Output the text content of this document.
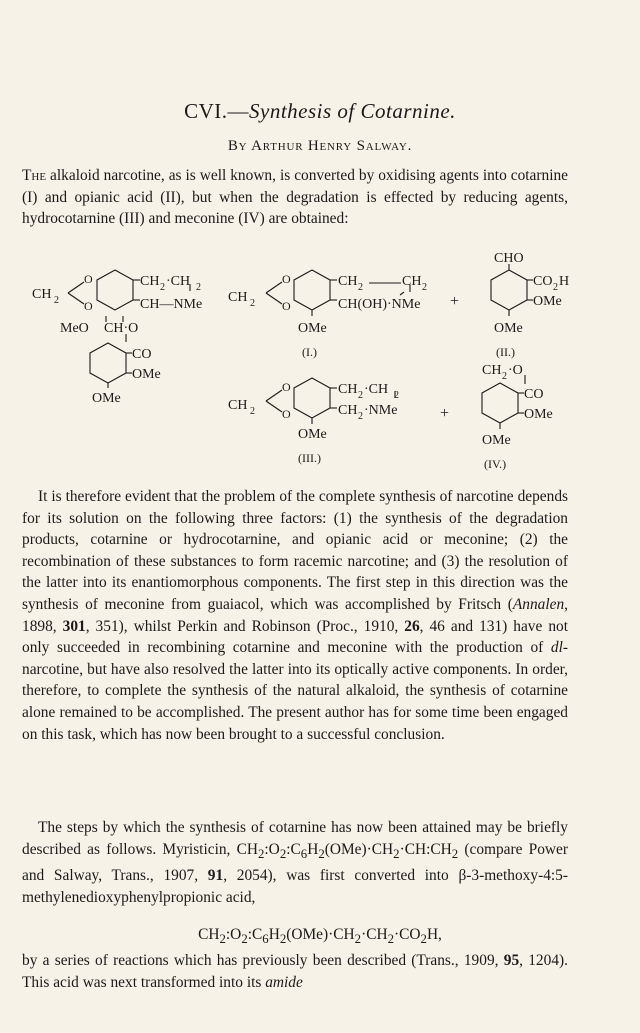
CVI.—Synthesis of Cotarnine.
By Arthur Henry Salway.

The alkaloid narcotine, as is well known, is converted by oxidising agents into cotarnine (I) and opianic acid (II), but when the degradation is effected by reducing agents, hydrocotarnine (III) and meconine (IV) are obtained:

CH 2
O
O
CH 2 ·CH 2
CH—NMe
MeO CH·O
CO
OMe
OMe
CH 2
O
O
CH 2	CH 2
CH(OH)·NMe
OMe
(I.)
+
CHO
CO 2 H
OMe
OMe
(II.)
CH 2
O
O
CH 2 ·CH 2
CH 2 ·NMe
OMe
(III.)
+
CH 2 ·O
CO
OMe
OMe
(IV.)

It is therefore evident that the problem of the complete synthesis of narcotine depends for its solution on the following three factors: (1) the synthesis of the degradation products, cotarnine or hydrocotarnine, and opianic acid or meconine; (2) the recombination of these substances to form racemic narcotine; and (3) the resolution of the latter into its enantiomorphous components. The first step in this direction was the synthesis of meconine from guaiacol, which was accomplished by Fritsch (Annalen, 1898, 301, 351), whilst Perkin and Robinson (Proc., 1910, 26, 46 and 131) have not only succeeded in recombining cotarnine and meconine with the production of dl-narcotine, but have also resolved the latter into its optically active components. In order, therefore, to complete the synthesis of the natural alkaloid, the synthesis of cotarnine alone remained to be accomplished. The present author has for some time been engaged on this task, which has now been brought to a successful conclusion.

The steps by which the synthesis of cotarnine has now been attained may be briefly described as follows. Myristicin, $CH_2:O_2:C_6H_2(OMe)\cdot CH_2\cdot CH:CH_2$ (compare Power and Salway, Trans., 1907, 91, 2054), was first converted into β-3-methoxy-4:5-methylenedioxyphenylpropionic acid,

$CH_2:O_2:C_6H_2(OMe)\cdot CH_2\cdot CH_2\cdot CO_2H$,

by a series of reactions which has previously been described (Trans., 1909, 95, 1204). This acid was next transformed into its amide
